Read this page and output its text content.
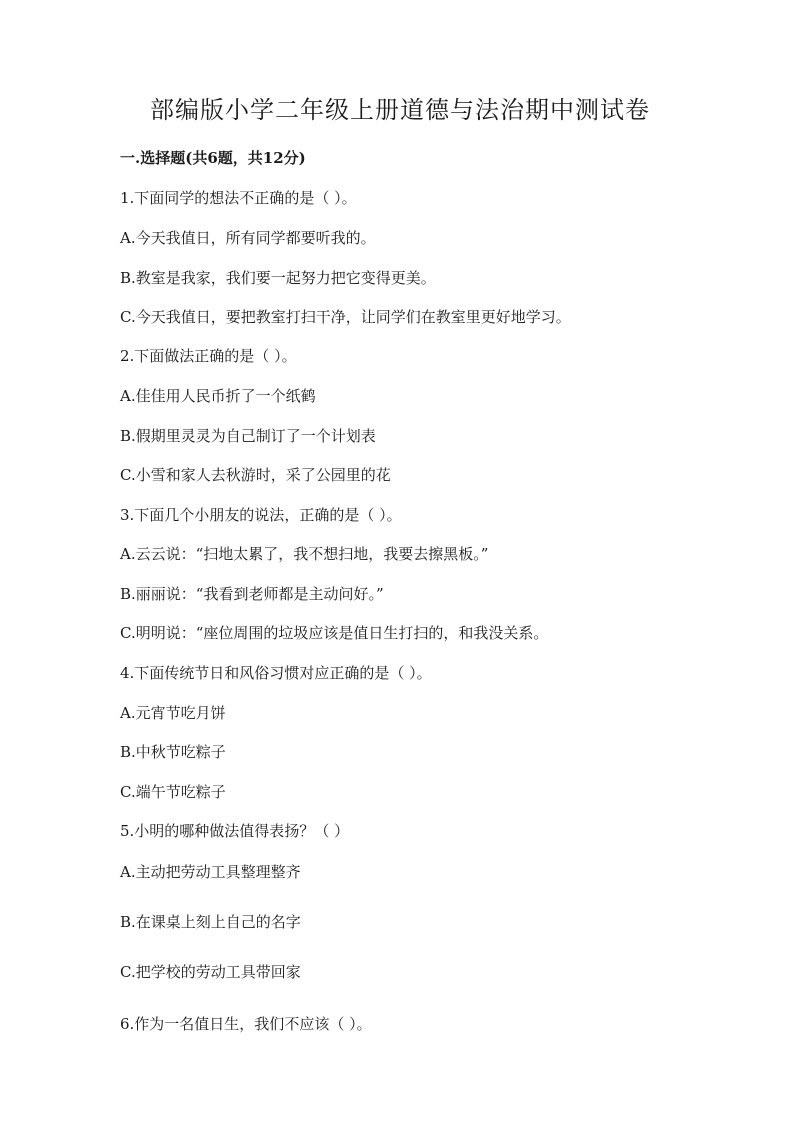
部编版小学二年级上册道德与法治期中测试卷
一.选择题(共6题，共12分)

1.下面同学的想法不正确的是（ ）。

A.今天我值日，所有同学都要听我的。

B.教室是我家，我们要一起努力把它变得更美。

C.今天我值日，要把教室打扫干净，让同学们在教室里更好地学习。

2.下面做法正确的是（ ）。

A.佳佳用人民币折了一个纸鹤

B.假期里灵灵为自己制订了一个计划表

C.小雪和家人去秋游时，采了公园里的花

3.下面几个小朋友的说法，正确的是（ ）。

A.云云说：“扫地太累了，我不想扫地，我要去擦黑板。”

B.丽丽说：“我看到老师都是主动问好。”

C.明明说：“座位周围的垃圾应该是值日生打扫的，和我没关系。

4.下面传统节日和风俗习惯对应正确的是（ ）。

A.元宵节吃月饼

B.中秋节吃粽子

C.端午节吃粽子

5.小明的哪种做法值得表扬？（ ）

A.主动把劳动工具整理整齐

B.在课桌上刻上自己的名字

C.把学校的劳动工具带回家

6.作为一名值日生，我们不应该（ ）。
